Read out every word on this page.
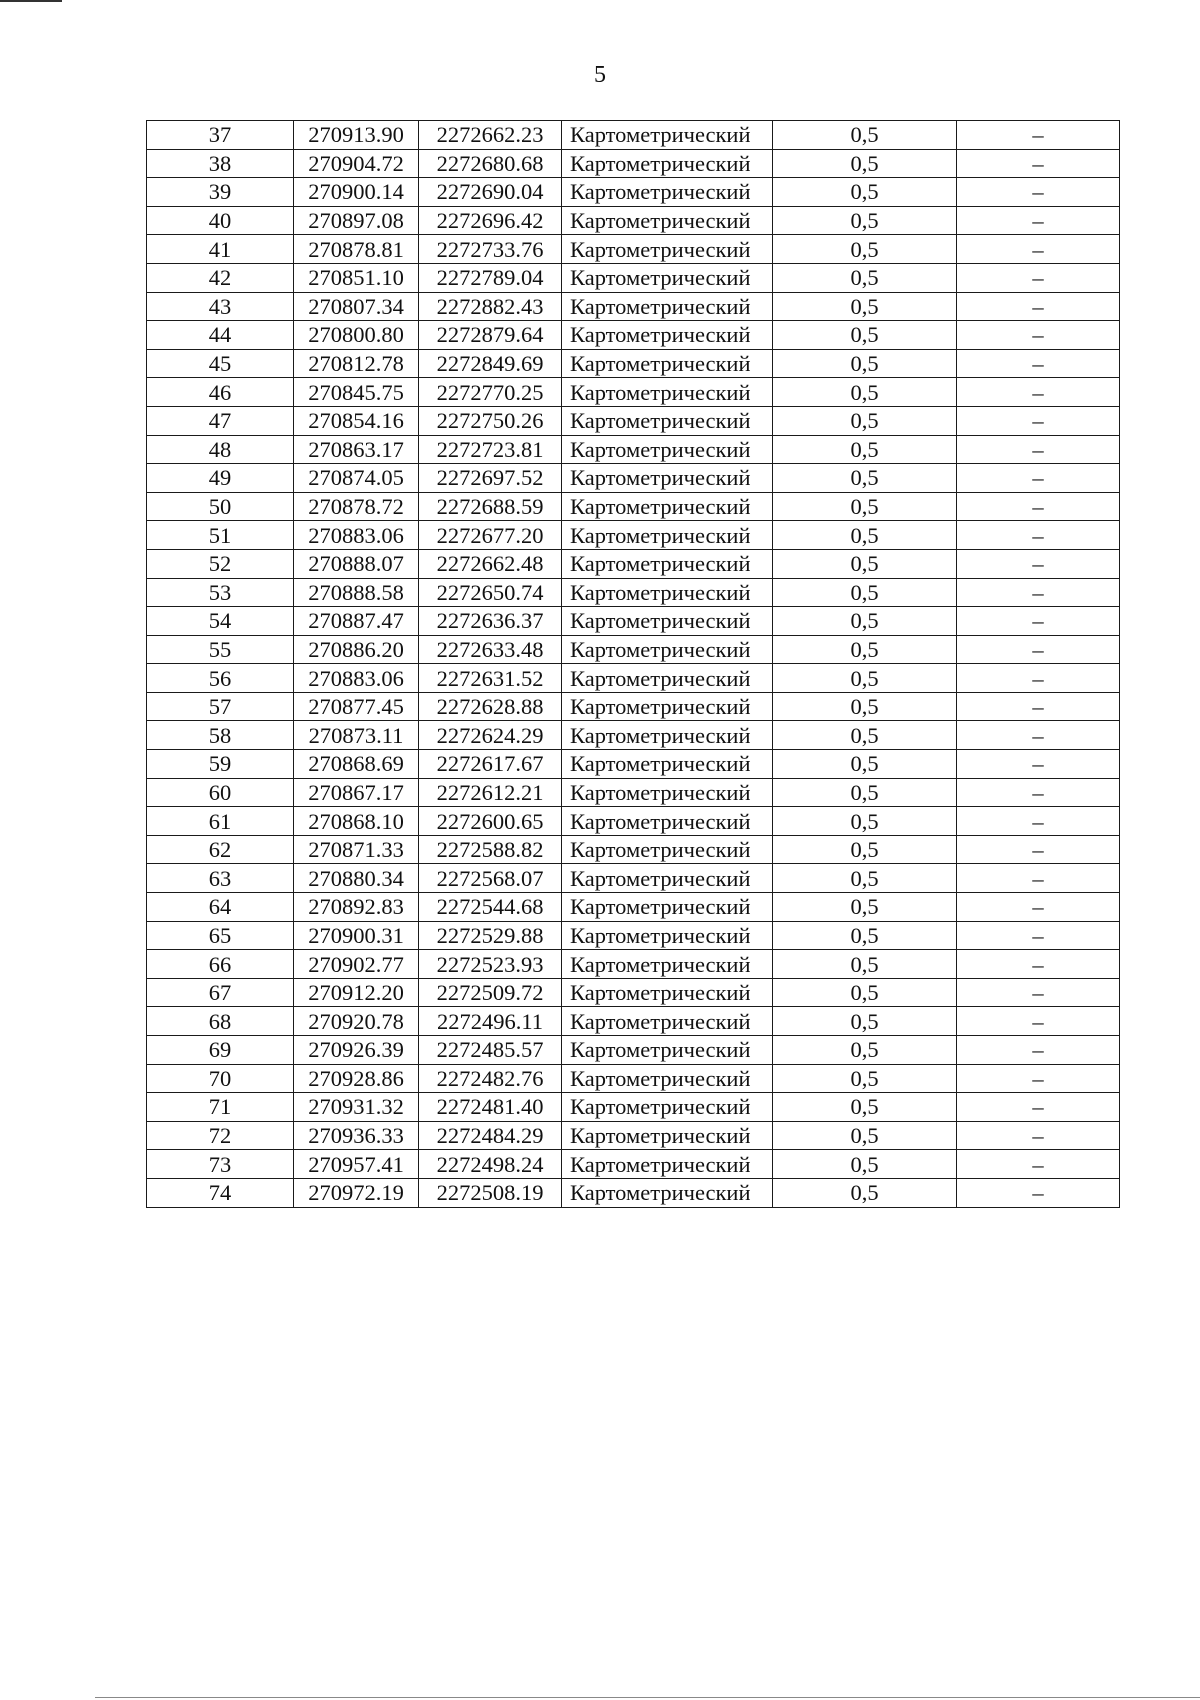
5
37	270913.90	2272662.23	Картометрический	0,5	–
38	270904.72	2272680.68	Картометрический	0,5	–
39	270900.14	2272690.04	Картометрический	0,5	–
40	270897.08	2272696.42	Картометрический	0,5	–
41	270878.81	2272733.76	Картометрический	0,5	–
42	270851.10	2272789.04	Картометрический	0,5	–
43	270807.34	2272882.43	Картометрический	0,5	–
44	270800.80	2272879.64	Картометрический	0,5	–
45	270812.78	2272849.69	Картометрический	0,5	–
46	270845.75	2272770.25	Картометрический	0,5	–
47	270854.16	2272750.26	Картометрический	0,5	–
48	270863.17	2272723.81	Картометрический	0,5	–
49	270874.05	2272697.52	Картометрический	0,5	–
50	270878.72	2272688.59	Картометрический	0,5	–
51	270883.06	2272677.20	Картометрический	0,5	–
52	270888.07	2272662.48	Картометрический	0,5	–
53	270888.58	2272650.74	Картометрический	0,5	–
54	270887.47	2272636.37	Картометрический	0,5	–
55	270886.20	2272633.48	Картометрический	0,5	–
56	270883.06	2272631.52	Картометрический	0,5	–
57	270877.45	2272628.88	Картометрический	0,5	–
58	270873.11	2272624.29	Картометрический	0,5	–
59	270868.69	2272617.67	Картометрический	0,5	–
60	270867.17	2272612.21	Картометрический	0,5	–
61	270868.10	2272600.65	Картометрический	0,5	–
62	270871.33	2272588.82	Картометрический	0,5	–
63	270880.34	2272568.07	Картометрический	0,5	–
64	270892.83	2272544.68	Картометрический	0,5	–
65	270900.31	2272529.88	Картометрический	0,5	–
66	270902.77	2272523.93	Картометрический	0,5	–
67	270912.20	2272509.72	Картометрический	0,5	–
68	270920.78	2272496.11	Картометрический	0,5	–
69	270926.39	2272485.57	Картометрический	0,5	–
70	270928.86	2272482.76	Картометрический	0,5	–
71	270931.32	2272481.40	Картометрический	0,5	–
72	270936.33	2272484.29	Картометрический	0,5	–
73	270957.41	2272498.24	Картометрический	0,5	–
74	270972.19	2272508.19	Картометрический	0,5	–
